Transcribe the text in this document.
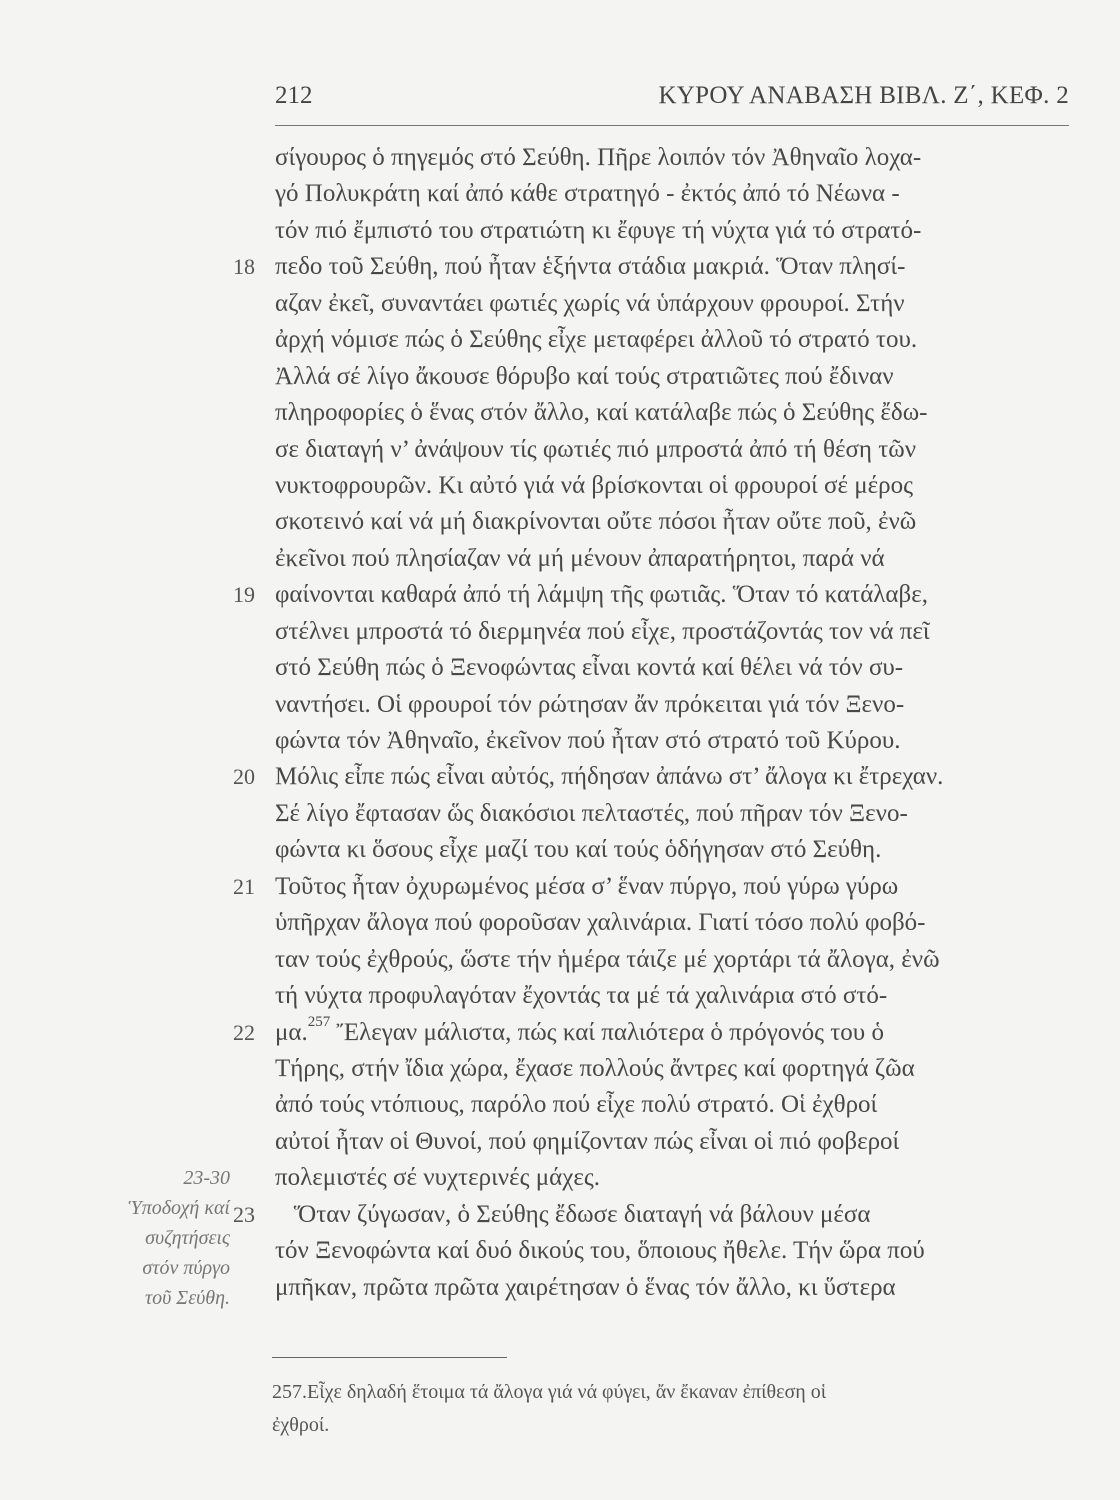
212	ΚΥΡΟΥ ΑΝΑΒΑΣΗ ΒΙΒΛ. Ζ΄, ΚΕΦ. 2
σίγουρος ὁ πηγεμός στό Σεύθη. Πῆρε λοιπόν τόν Ἀθηναῖο λοχα-
γό Πολυκράτη καί ἀπό κάθε στρατηγό - ἐκτός ἀπό τό Νέωνα -
τόν πιό ἔμπιστό του στρατιώτη κι ἔφυγε τή νύχτα γιά τό στρατό-
18 πεδο τοῦ Σεύθη, πού ἦταν ἑξήντα στάδια μακριά. Ὅταν πλησί-
αζαν ἐκεῖ, συναντάει φωτιές χωρίς νά ὑπάρχουν φρουροί. Στήν
ἀρχή νόμισε πώς ὁ Σεύθης εἶχε μεταφέρει ἀλλοῦ τό στρατό του.
Ἀλλά σέ λίγο ἄκουσε θόρυβο καί τούς στρατιῶτες πού ἔδιναν
πληροφορίες ὁ ἕνας στόν ἄλλο, καί κατάλαβε πώς ὁ Σεύθης ἔδω-
σε διαταγή ν’ ἀνάψουν τίς φωτιές πιό μπροστά ἀπό τή θέση τῶν
νυκτοφρουρῶν. Κι αὐτό γιά νά βρίσκονται οἱ φρουροί σέ μέρος
σκοτεινό καί νά μή διακρίνονται οὔτε πόσοι ἦταν οὔτε ποῦ, ἐνῶ
ἐκεῖνοι πού πλησίαζαν νά μή μένουν ἀπαρατήρητοι, παρά νά
19 φαίνονται καθαρά ἀπό τή λάμψη τῆς φωτιᾶς. Ὅταν τό κατάλαβε,
στέλνει μπροστά τό διερμηνέα πού εἶχε, προστάζοντάς τον νά πεῖ
στό Σεύθη πώς ὁ Ξενοφώντας εἶναι κοντά καί θέλει νά τόν συ-
ναντήσει. Οἱ φρουροί τόν ρώτησαν ἄν πρόκειται γιά τόν Ξενο-
φώντα τόν Ἀθηναῖο, ἐκεῖνον πού ἦταν στό στρατό τοῦ Κύρου.
20 Μόλις εἶπε πώς εἶναι αὐτός, πήδησαν ἀπάνω στ’ ἄλογα κι ἔτρεχαν.
Σέ λίγο ἔφτασαν ὥς διακόσιοι πελταστές, πού πῆραν τόν Ξενο-
φώντα κι ὅσους εἶχε μαζί του καί τούς ὁδήγησαν στό Σεύθη.
21 Τοῦτος ἦταν ὀχυρωμένος μέσα σ’ ἕναν πύργο, πού γύρω γύρω
ὑπῆρχαν ἄλογα πού φοροῦσαν χαλινάρια. Γιατί τόσο πολύ φοβό-
ταν τούς ἐχθρούς, ὥστε τήν ἡμέρα τάιζε μέ χορτάρι τά ἄλογα, ἐνῶ
τή νύχτα προφυλαγόταν ἔχοντάς τα μέ τά χαλινάρια στό στό-
22 μα.$^{257}$ Ἔλεγαν μάλιστα, πώς καί παλιότερα ὁ πρόγονός του ὁ
Τήρης, στήν ἴδια χώρα, ἔχασε πολλούς ἄντρες καί φορτηγά ζῶα
ἀπό τούς ντόπιους, παρόλο πού εἶχε πολύ στρατό. Οἱ ἐχθροί
αὐτοί ἦταν οἱ Θυνοί, πού φημίζονταν πώς εἶναι οἱ πιό φοβεροί
πολεμιστές σέ νυχτερινές μάχες.
23 Ὅταν ζύγωσαν, ὁ Σεύθης ἔδωσε διαταγή νά βάλουν μέσα
τόν Ξενοφώντα καί δυό δικούς του, ὅποιους ἤθελε. Τήν ὥρα πού
μπῆκαν, πρῶτα πρῶτα χαιρέτησαν ὁ ἕνας τόν ἄλλο, κι ὕστερα
23-30
Ὑποδοχή καί
συζητήσεις
στόν πύργο
τοῦ Σεύθη.
257.Εἶχε δηλαδή ἕτοιμα τά ἄλογα γιά νά φύγει, ἄν ἔκαναν ἐπίθεση οἱ
ἐχθροί.
